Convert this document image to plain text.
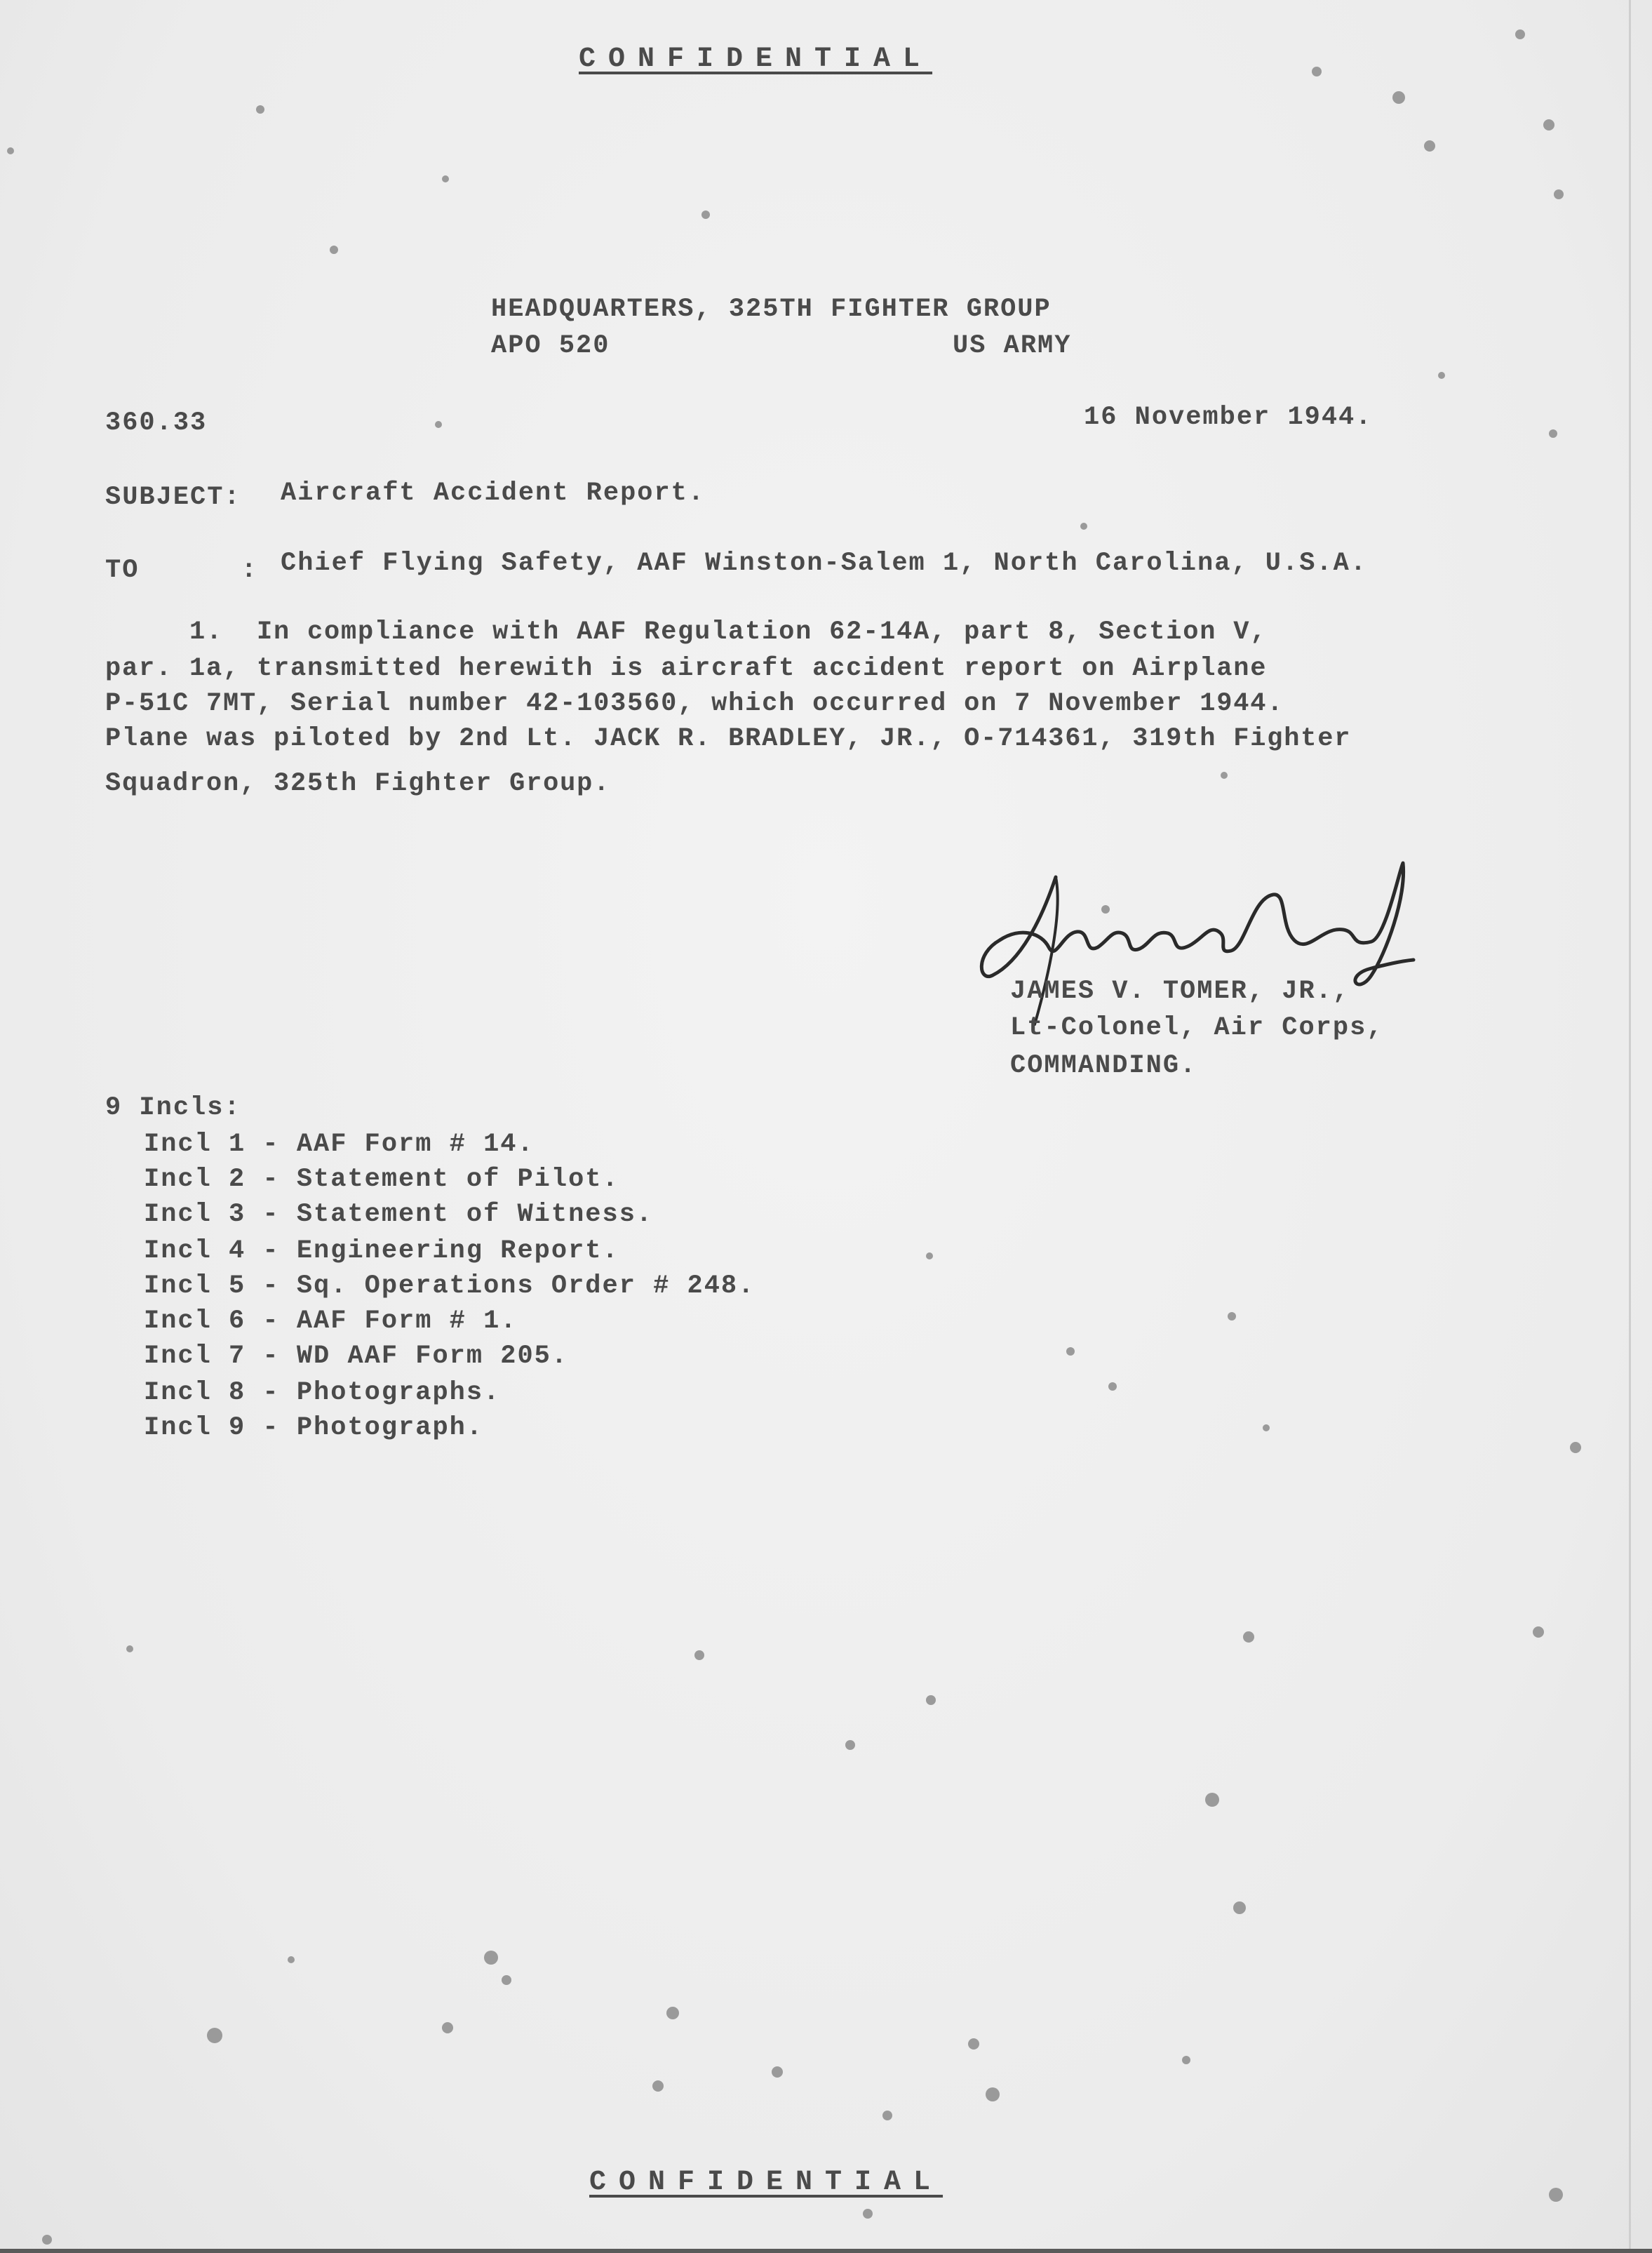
CONFIDENTIAL
HEADQUARTERS, 325TH FIGHTER GROUP
APO 520	US ARMY
360.33	16 November 1944.
SUBJECT: Aircraft Accident Report.
TO      : Chief Flying Safety, AAF Winston-Salem 1, North Carolina, U.S.A.
1.  In compliance with AAF Regulation 62-14A, part 8, Section V,
par. 1a, transmitted herewith is aircraft accident report on Airplane
P-51C 7MT, Serial number 42-103560, which occurred on 7 November 1944.
Plane was piloted by 2nd Lt. JACK R. BRADLEY, JR., O-714361, 319th Fighter
Squadron, 325th Fighter Group.
JAMES V. TOMER, JR.,
Lt-Colonel, Air Corps,
COMMANDING.
9 Incls:
Incl 1 - AAF Form # 14.
Incl 2 - Statement of Pilot.
Incl 3 - Statement of Witness.
Incl 4 - Engineering Report.
Incl 5 - Sq. Operations Order # 248.
Incl 6 - AAF Form # 1.
Incl 7 - WD AAF Form 205.
Incl 8 - Photographs.
Incl 9 - Photograph.
CONFIDENTIAL
